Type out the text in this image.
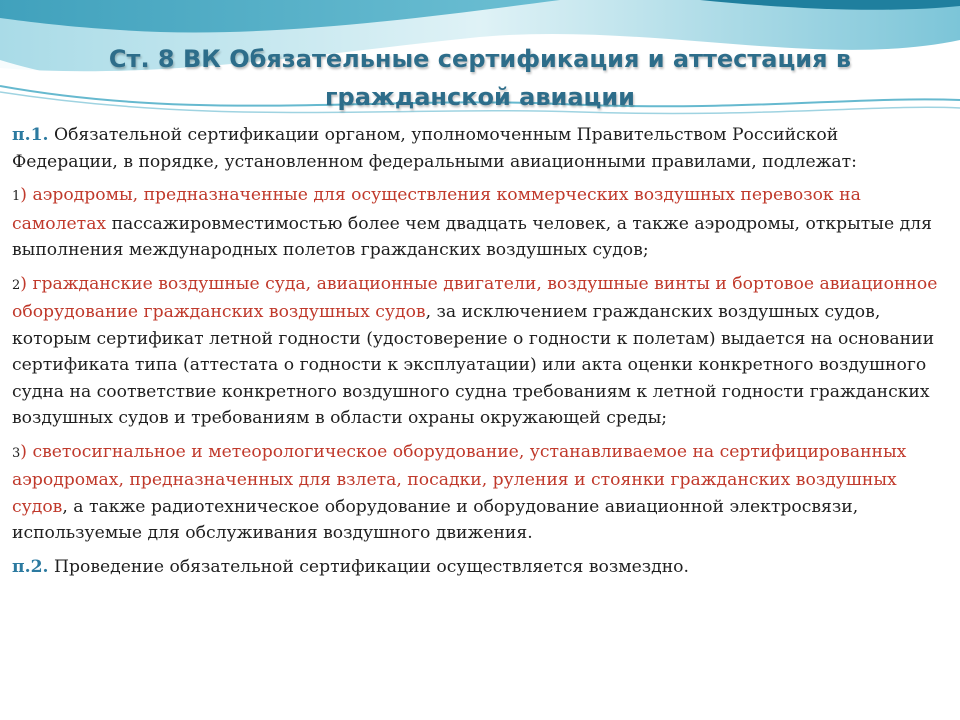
Ст. 8 ВК Обязательные сертификация и аттестация в
гражданской авиации

п.1. Обязательной сертификации органом, уполномоченным Правительством Российской Федерации, в порядке, установленном федеральными авиационными правилами, подлежат:

1) аэродромы, предназначенные для осуществления коммерческих воздушных перевозок на самолетах пассажировместимостью более чем двадцать человек, а также аэродромы, открытые для выполнения международных полетов гражданских воздушных судов;

2) гражданские воздушные суда, авиационные двигатели, воздушные винты и бортовое авиационное оборудование гражданских воздушных судов, за исключением гражданских воздушных судов, которым сертификат летной годности (удостоверение о годности к полетам) выдается на основании сертификата типа (аттестата о годности к эксплуатации) или акта оценки конкретного воздушного судна на соответствие конкретного воздушного судна требованиям к летной годности гражданских воздушных судов и требованиям в области охраны окружающей среды;

3) светосигнальное и метеорологическое оборудование, устанавливаемое на сертифицированных аэродромах, предназначенных для взлета, посадки, руления и стоянки гражданских воздушных судов, а также радиотехническое оборудование и оборудование авиационной электросвязи, используемые для обслуживания воздушного движения.

п.2. Проведение обязательной сертификации осуществляется возмездно.
